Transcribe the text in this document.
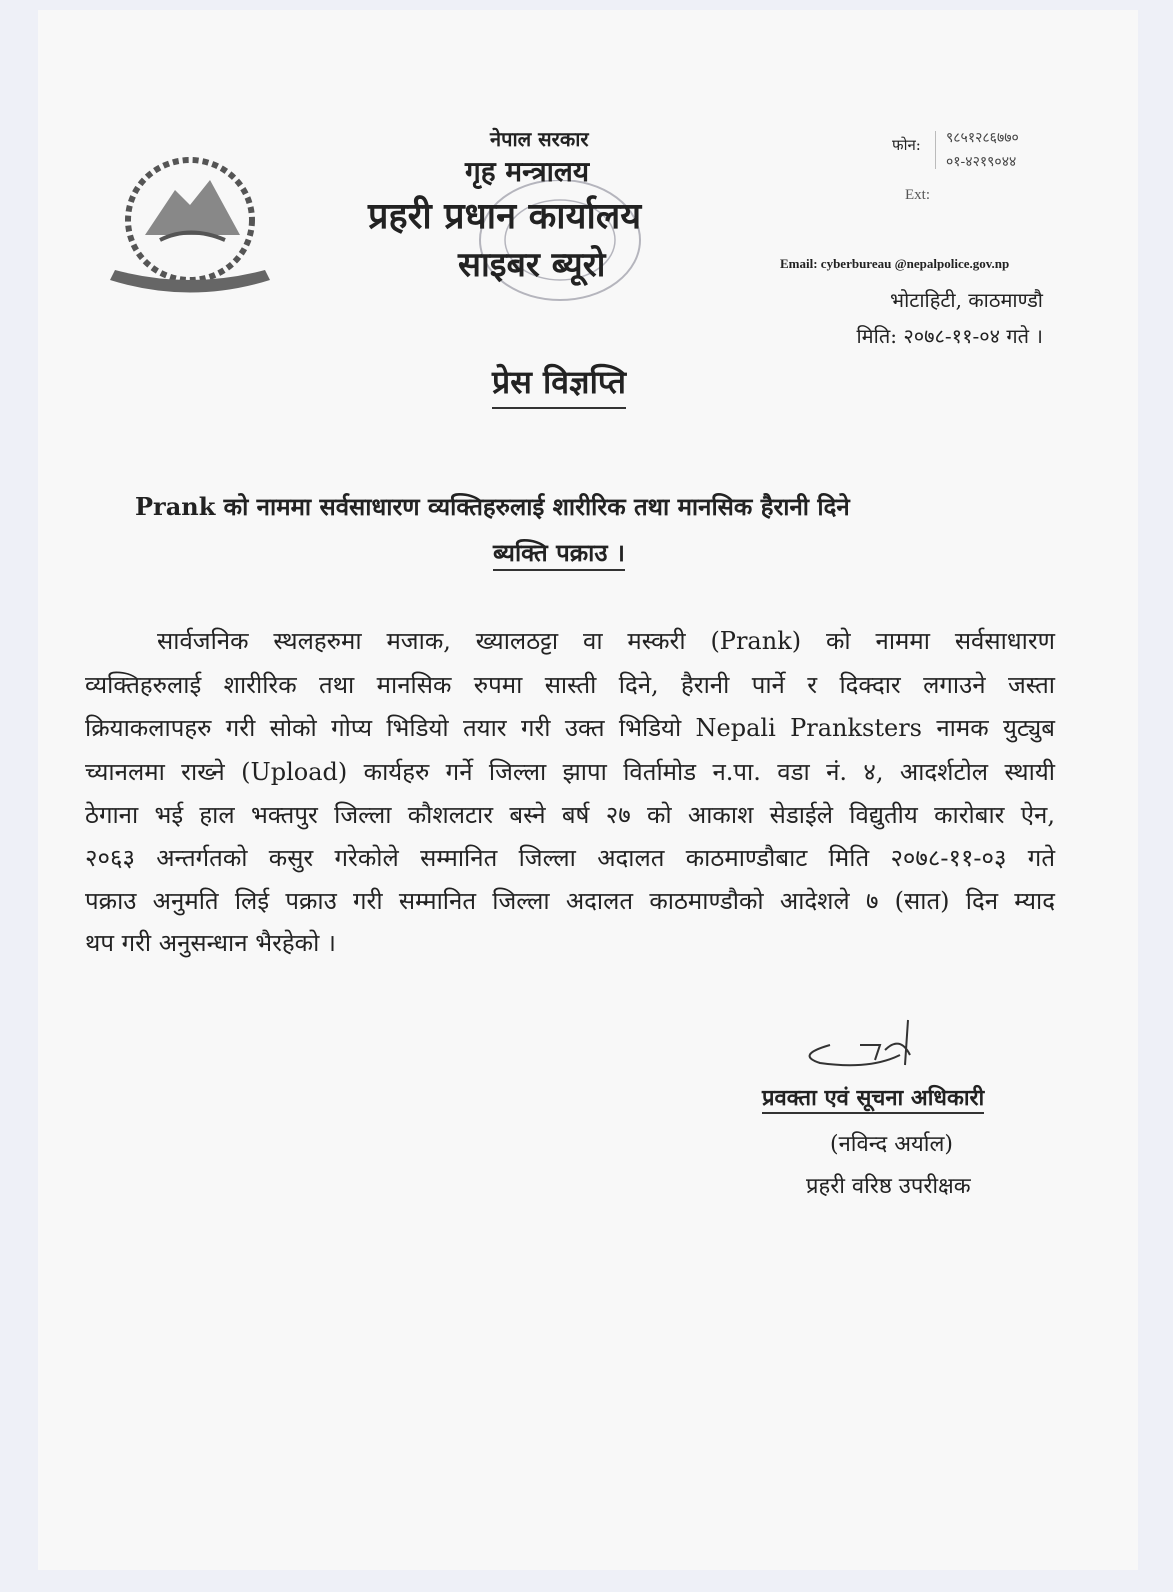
नेपाल सरकार
गृह मन्त्रालय
प्रहरी प्रधान कार्यालय
साइबर ब्यूरो
फोन: ९८५१२८६७७०
०१-४२१९०४४
Ext:
Email: cyberbureau @nepalpolice.gov.np
भोटाहिटी, काठमाण्डौ
मिति: २०७८-११-०४ गते ।
प्रेस विज्ञप्ति
Prank को नाममा सर्वसाधारण व्यक्तिहरुलाई शारीरिक तथा मानसिक हैरानी दिने
ब्यक्ति पक्राउ ।
सार्वजनिक स्थलहरुमा मजाक, ख्यालठट्टा वा मस्करी (Prank) को नाममा सर्वसाधारण
व्यक्तिहरुलाई शारीरिक तथा मानसिक रुपमा सास्ती दिने, हैरानी पार्ने र दिक्दार लगाउने जस्ता
क्रियाकलापहरु गरी सोको गोप्य भिडियो तयार गरी उक्त भिडियो Nepali Pranksters नामक युट्युब
च्यानलमा राख्ने (Upload) कार्यहरु गर्ने जिल्ला झापा विर्तामोड न.पा. वडा नं. ४, आदर्शटोल स्थायी
ठेगाना भई हाल भक्तपुर जिल्ला कौशलटार बस्ने बर्ष २७ को आकाश सेडाईले विद्युतीय कारोबार ऐन,
२०६३ अन्तर्गतको कसुर गरेकोले सम्मानित जिल्ला अदालत काठमाण्डौबाट मिति २०७८-११-०३ गते
पक्राउ अनुमति लिई पक्राउ गरी सम्मानित जिल्ला अदालत काठमाण्डौको आदेशले ७ (सात) दिन म्याद
थप गरी अनुसन्धान भैरहेको ।
प्रवक्ता एवं सूचना अधिकारी
(नविन्द अर्याल)
प्रहरी वरिष्ठ उपरीक्षक
